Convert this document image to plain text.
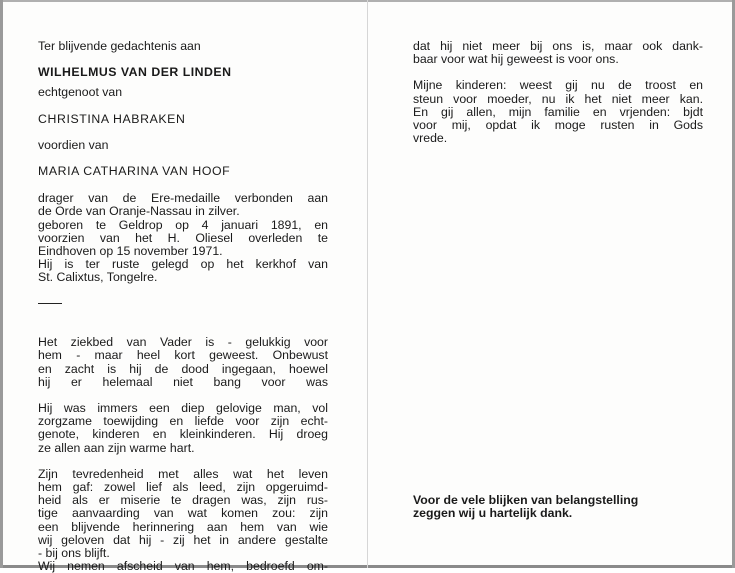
Ter blijvende gedachtenis aan
WILHELMUS VAN DER LINDEN
echtgenoot van
CHRISTINA HABRAKEN
voordien van
MARIA CATHARINA VAN HOOF
drager van de Ere-medaille verbonden aan
de Orde van Oranje-Nassau in zilver.
geboren te Geldrop op 4 januari 1891, en
voorzien van het H. Oliesel overleden te
Eindhoven op 15 november 1971.
Hij is ter ruste gelegd op het kerkhof van
St. Calixtus, Tongelre.
Het ziekbed van Vader is - gelukkig voor
hem - maar heel kort geweest. Onbewust
en zacht is hij de dood ingegaan, hoewel
hij er helemaal niet bang voor was
Hij was immers een diep gelovige man, vol
zorgzame toewijding en liefde voor zijn echt-
genote, kinderen en kleinkinderen. Hij droeg
ze allen aan zijn warme hart.
Zijn tevredenheid met alles wat het leven
hem gaf: zowel lief als leed, zijn opgeruimd-
heid als er miserie te dragen was, zijn rus-
tige aanvaarding van wat komen zou: zijn
een blijvende herinnering aan hem van wie
wij geloven dat hij - zij het in andere gestalte
- bij ons blijft.
Wij nemen afscheid van hem, bedroefd om-
dat hij niet meer bij ons is, maar ook dank-
baar voor wat hij geweest is voor ons.
Mijne kinderen: weest gij nu de troost en
steun voor moeder, nu ik het niet meer kan.
En gij allen, mijn familie en vrjenden: bjdt
voor mij, opdat ik moge rusten in Gods
vrede.
Voor de vele blijken van belangstelling
zeggen wij u hartelijk dank.
